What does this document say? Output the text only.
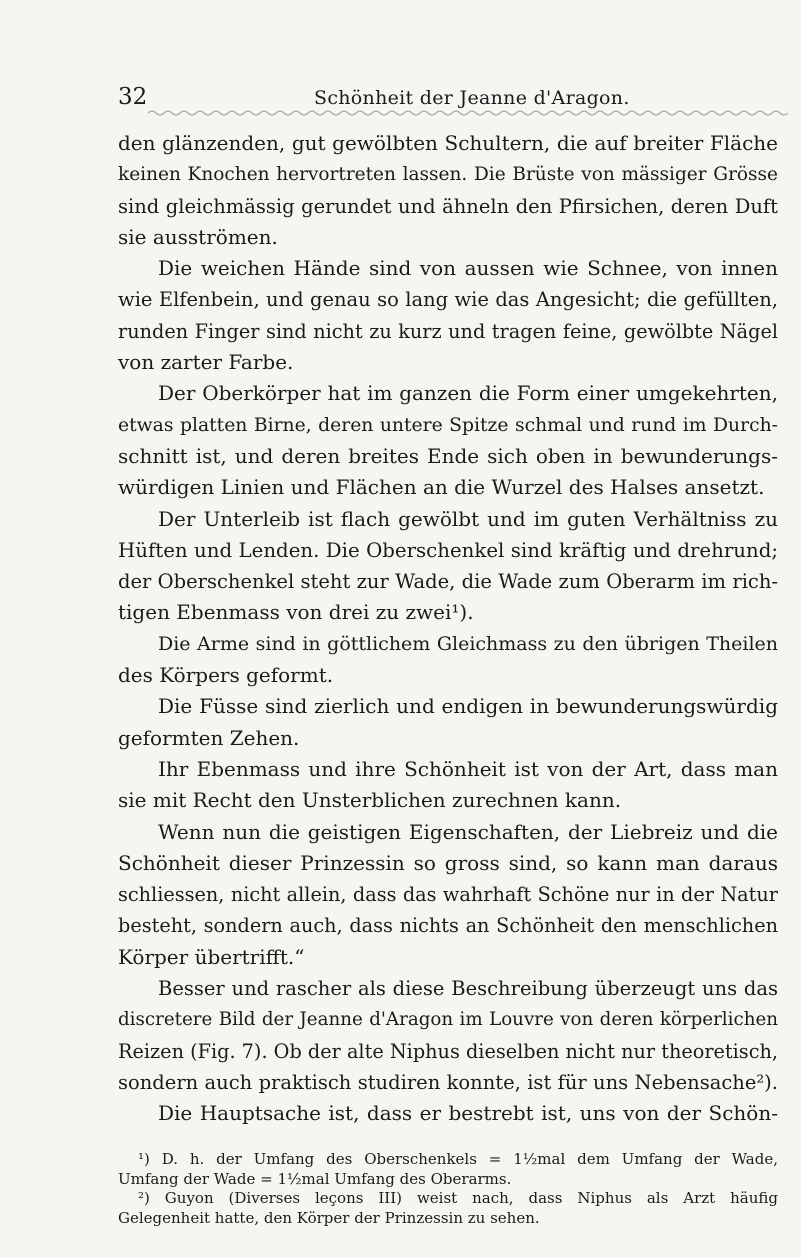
32	Schönheit der Jeanne d'Aragon.
den glänzenden, gut gewölbten Schultern, die auf breiter Fläche
keinen Knochen hervortreten lassen. Die Brüste von mässiger Grösse
sind gleichmässig gerundet und ähneln den Pfirsichen, deren Duft
sie ausströmen.
Die weichen Hände sind von aussen wie Schnee, von innen
wie Elfenbein, und genau so lang wie das Angesicht; die gefüllten,
runden Finger sind nicht zu kurz und tragen feine, gewölbte Nägel
von zarter Farbe.
Der Oberkörper hat im ganzen die Form einer umgekehrten,
etwas platten Birne, deren untere Spitze schmal und rund im Durch-
schnitt ist, und deren breites Ende sich oben in bewunderungs-
würdigen Linien und Flächen an die Wurzel des Halses ansetzt.
Der Unterleib ist flach gewölbt und im guten Verhältniss zu
Hüften und Lenden. Die Oberschenkel sind kräftig und drehrund;
der Oberschenkel steht zur Wade, die Wade zum Oberarm im rich-
tigen Ebenmass von drei zu zwei¹).
Die Arme sind in göttlichem Gleichmass zu den übrigen Theilen
des Körpers geformt.
Die Füsse sind zierlich und endigen in bewunderungswürdig
geformten Zehen.
Ihr Ebenmass und ihre Schönheit ist von der Art, dass man
sie mit Recht den Unsterblichen zurechnen kann.
Wenn nun die geistigen Eigenschaften, der Liebreiz und die
Schönheit dieser Prinzessin so gross sind, so kann man daraus
schliessen, nicht allein, dass das wahrhaft Schöne nur in der Natur
besteht, sondern auch, dass nichts an Schönheit den menschlichen
Körper übertrifft.“
Besser und rascher als diese Beschreibung überzeugt uns das
discretere Bild der Jeanne d'Aragon im Louvre von deren körperlichen
Reizen (Fig. 7). Ob der alte Niphus dieselben nicht nur theoretisch,
sondern auch praktisch studiren konnte, ist für uns Nebensache²).
Die Hauptsache ist, dass er bestrebt ist, uns von der Schön-
¹) D. h. der Umfang des Oberschenkels = 1½mal dem Umfang der Wade,
Umfang der Wade = 1½mal Umfang des Oberarms.
²) Guyon (Diverses leçons III) weist nach, dass Niphus als Arzt häufig
Gelegenheit hatte, den Körper der Prinzessin zu sehen.
